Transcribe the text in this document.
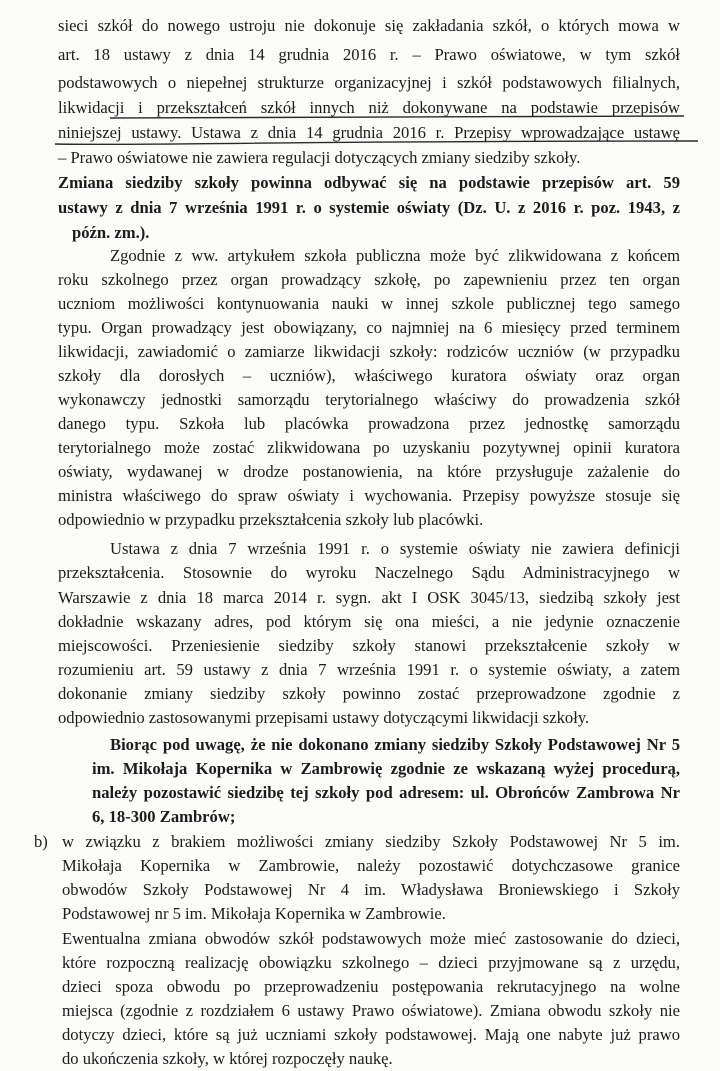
sieci szkół do nowego ustroju nie dokonuje się zakładania szkół, o których mowa w
art. 18 ustawy z dnia 14 grudnia 2016 r. – Prawo oświatowe, w tym szkół
podstawowych o niepełnej strukturze organizacyjnej i szkół podstawowych filialnych,
likwidacji i przekształceń szkół innych niż dokonywane na podstawie przepisów
niniejszej ustawy. Ustawa z dnia 14 grudnia 2016 r. Przepisy wprowadzające ustawę
– Prawo oświatowe nie zawiera regulacji dotyczących zmiany siedziby szkoły.
Zmiana siedziby szkoły powinna odbywać się na podstawie przepisów art. 59
ustawy z dnia 7 września 1991 r. o systemie oświaty (Dz. U. z 2016 r. poz. 1943, z
późn. zm.).
Zgodnie z ww. artykułem szkoła publiczna może być zlikwidowana z końcem
roku szkolnego przez organ prowadzący szkołę, po zapewnieniu przez ten organ
uczniom możliwości kontynuowania nauki w innej szkole publicznej tego samego
typu. Organ prowadzący jest obowiązany, co najmniej na 6 miesięcy przed terminem
likwidacji, zawiadomić o zamiarze likwidacji szkoły: rodziców uczniów (w przypadku
szkoły dla dorosłych – uczniów), właściwego kuratora oświaty oraz organ
wykonawczy jednostki samorządu terytorialnego właściwy do prowadzenia szkół
danego typu. Szkoła lub placówka prowadzona przez jednostkę samorządu
terytorialnego może zostać zlikwidowana po uzyskaniu pozytywnej opinii kuratora
oświaty, wydawanej w drodze postanowienia, na które przysługuje zażalenie do
ministra właściwego do spraw oświaty i wychowania. Przepisy powyższe stosuje się
odpowiednio w przypadku przekształcenia szkoły lub placówki.
Ustawa z dnia 7 września 1991 r. o systemie oświaty nie zawiera definicji
przekształcenia. Stosownie do wyroku Naczelnego Sądu Administracyjnego w
Warszawie z dnia 18 marca 2014 r. sygn. akt I OSK 3045/13, siedzibą szkoły jest
dokładnie wskazany adres, pod którym się ona mieści, a nie jedynie oznaczenie
miejscowości. Przeniesienie siedziby szkoły stanowi przekształcenie szkoły w
rozumieniu art. 59 ustawy z dnia 7 września 1991 r. o systemie oświaty, a zatem
dokonanie zmiany siedziby szkoły powinno zostać przeprowadzone zgodnie z
odpowiednio zastosowanymi przepisami ustawy dotyczącymi likwidacji szkoły.
Biorąc pod uwagę, że nie dokonano zmiany siedziby Szkoły Podstawowej Nr 5
im. Mikołaja Kopernika w Zambrowię zgodnie ze wskazaną wyżej procedurą,
należy pozostawić siedzibę tej szkoły pod adresem: ul. Obrońców Zambrowa Nr
6, 18-300 Zambrów;
b) w związku z brakiem możliwości zmiany siedziby Szkoły Podstawowej Nr 5 im.
Mikołaja Kopernika w Zambrowie, należy pozostawić dotychczasowe granice
obwodów Szkoły Podstawowej Nr 4 im. Władysława Broniewskiego i Szkoły
Podstawowej nr 5 im. Mikołaja Kopernika w Zambrowie.
Ewentualna zmiana obwodów szkół podstawowych może mieć zastosowanie do dzieci,
które rozpoczną realizację obowiązku szkolnego – dzieci przyjmowane są z urzędu,
dzieci spoza obwodu po przeprowadzeniu postępowania rekrutacyjnego na wolne
miejsca (zgodnie z rozdziałem 6 ustawy Prawo oświatowe). Zmiana obwodu szkoły nie
dotyczy dzieci, które są już uczniami szkoły podstawowej. Mają one nabyte już prawo
do ukończenia szkoły, w której rozpoczęły naukę.
